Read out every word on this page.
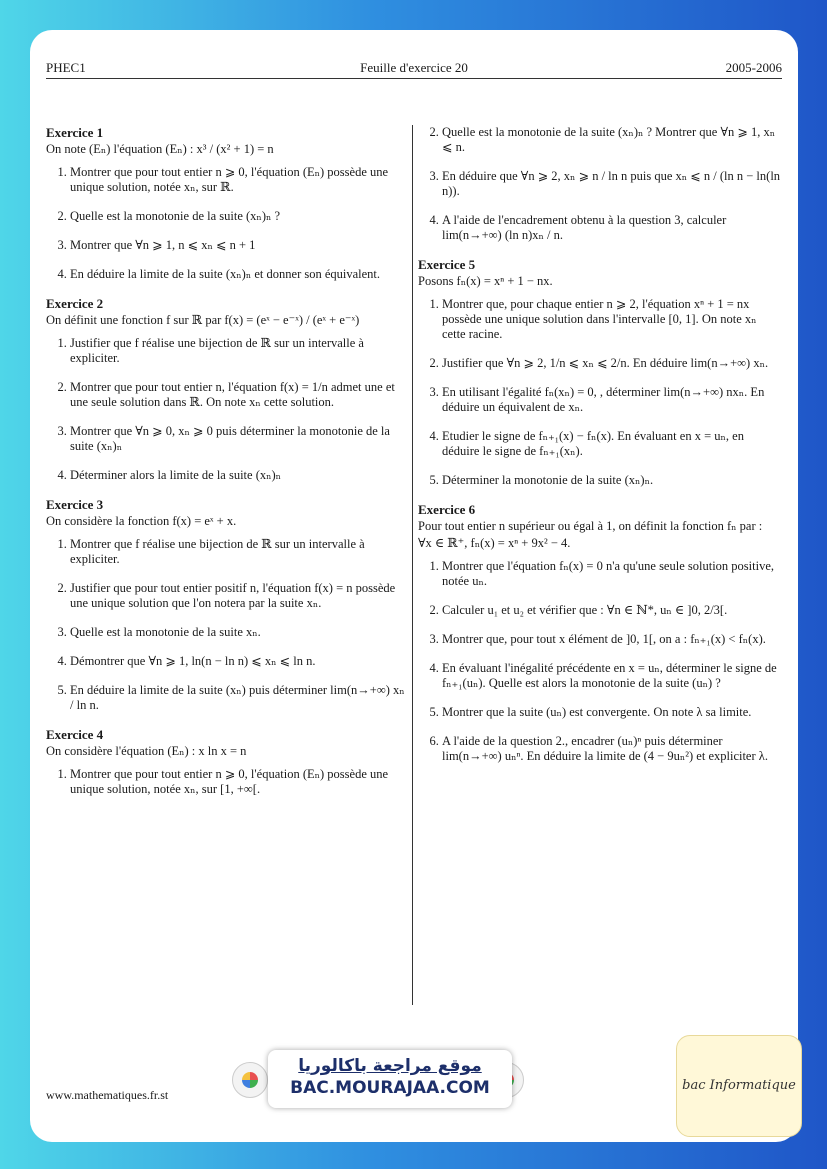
PHEC1	Feuille d'exercice 20	2005-2006
Exercice 1
On note (Eₙ) l'équation (Eₙ) : x³ / (x² + 1) = n
1. Montrer que pour tout entier n ⩾ 0, l'équation (Eₙ) possède une unique solution, notée xₙ, sur ℝ.
2. Quelle est la monotonie de la suite (xₙ)ₙ ?
3. Montrer que ∀n ⩾ 1, n ⩽ xₙ ⩽ n + 1
4. En déduire la limite de la suite (xₙ)ₙ et donner son équivalent.
Exercice 2
On définit une fonction f sur ℝ par f(x) = (eˣ − e⁻ˣ) / (eˣ + e⁻ˣ)
1. Justifier que f réalise une bijection de ℝ sur un intervalle à expliciter.
2. Montrer que pour tout entier n, l'équation f(x) = 1/n admet une et une seule solution dans ℝ. On note xₙ cette solution.
3. Montrer que ∀n ⩾ 0, xₙ ⩾ 0 puis déterminer la monotonie de la suite (xₙ)ₙ
4. Déterminer alors la limite de la suite (xₙ)ₙ
Exercice 3
On considère la fonction f(x) = eˣ + x.
1. Montrer que f réalise une bijection de ℝ sur un intervalle à expliciter.
2. Justifier que pour tout entier positif n, l'équation f(x) = n possède une unique solution que l'on notera par la suite xₙ.
3. Quelle est la monotonie de la suite xₙ.
4. Démontrer que ∀n ⩾ 1, ln(n − ln n) ⩽ xₙ ⩽ ln n.
5. En déduire la limite de la suite (xₙ) puis déterminer lim(n→+∞) xₙ / ln n.
Exercice 4
On considère l'équation (Eₙ) : x ln x = n
1. Montrer que pour tout entier n ⩾ 0, l'équation (Eₙ) possède une unique solution, notée xₙ, sur [1, +∞[.
2. Quelle est la monotonie de la suite (xₙ)ₙ ? Montrer que ∀n ⩾ 1, xₙ ⩽ n.
3. En déduire que ∀n ⩾ 2, xₙ ⩾ n / ln n puis que xₙ ⩽ n / (ln n − ln(ln n)).
4. A l'aide de l'encadrement obtenu à la question 3, calculer lim(n→+∞) (ln n)xₙ / n.
Exercice 5
Posons fₙ(x) = xⁿ + 1 − nx.
1. Montrer que, pour chaque entier n ⩾ 2, l'équation xⁿ + 1 = nx possède une unique solution dans l'intervalle [0, 1]. On note xₙ cette racine.
2. Justifier que ∀n ⩾ 2, 1/n ⩽ xₙ ⩽ 2/n. En déduire lim(n→+∞) xₙ.
3. En utilisant l'égalité fₙ(xₙ) = 0, , déterminer lim(n→+∞) nxₙ. En déduire un équivalent de xₙ.
4. Etudier le signe de fₙ₊₁(x) − fₙ(x). En évaluant en x = uₙ, en déduire le signe de fₙ₊₁(xₙ).
5. Déterminer la monotonie de la suite (xₙ)ₙ.
Exercice 6
Pour tout entier n supérieur ou égal à 1, on définit la fonction fₙ par :
∀x ∈ ℝ⁺, fₙ(x) = xⁿ + 9x² − 4.
1. Montrer que l'équation fₙ(x) = 0 n'a qu'une seule solution positive, notée uₙ.
2. Calculer u₁ et u₂ et vérifier que : ∀n ∈ ℕ*, uₙ ∈ ]0, 2/3[.
3. Montrer que, pour tout x élément de ]0, 1[, on a : fₙ₊₁(x) < fₙ(x).
4. En évaluant l'inégalité précédente en x = uₙ, déterminer le signe de fₙ₊₁(uₙ). Quelle est alors la monotonie de la suite (uₙ) ?
5. Montrer que la suite (uₙ) est convergente. On note λ sa limite.
6. A l'aide de la question 2., encadrer (uₙ)ⁿ puis déterminer lim(n→+∞) uₙⁿ. En déduire la limite de (4 − 9uₙ²) et expliciter λ.
www.mathematiques.fr.st
موقع مراجعة باكالوريا
BAC.MOURAJAA.COM	bac Informatique
